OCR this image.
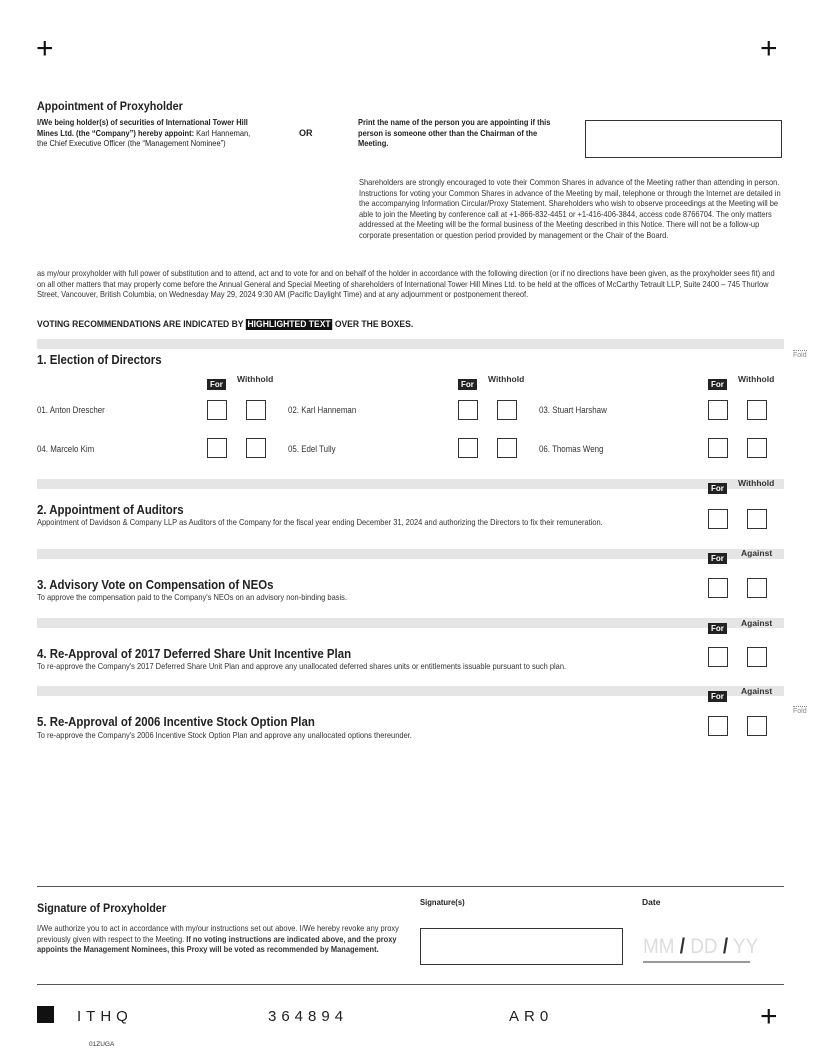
+	+
Appointment of Proxyholder
I/We being holder(s) of securities of International Tower Hill Mines Ltd. (the “Company”) hereby appoint: Karl Hanneman, the Chief Executive Officer (the “Management Nominee”)
OR
Print the name of the person you are appointing if this person is someone other than the Chairman of the Meeting.
Shareholders are strongly encouraged to vote their Common Shares in advance of the Meeting rather than attending in person. Instructions for voting your Common Shares in advance of the Meeting by mail, telephone or through the Internet are detailed in the accompanying Information Circular/Proxy Statement. Shareholders who wish to observe proceedings at the Meeting will be able to join the Meeting by conference call at +1-866-832-4451 or +1-416-406-3844, access code 8766704. The only matters addressed at the Meeting will be the formal business of the Meeting described in this Notice. There will not be a follow-up corporate presentation or question period provided by management or the Chair of the Board.
as my/our proxyholder with full power of substitution and to attend, act and to vote for and on behalf of the holder in accordance with the following direction (or if no directions have been given, as the proxyholder sees fit) and on all other matters that may properly come before the Annual General and Special Meeting of shareholders of International Tower Hill Mines Ltd. to be held at the offices of McCarthy Tetrault LLP, Suite 2400 – 745 Thurlow Street, Vancouver, British Columbia, on Wednesday May 29, 2024 9:30 AM (Pacific Daylight Time) and at any adjournment or postponement thereof.
VOTING RECOMMENDATIONS ARE INDICATED BY HIGHLIGHTED TEXT OVER THE BOXES.
Fold
1. Election of Directors
For
Withhold
For
Withhold
For
Withhold
01. Anton Drescher	02. Karl Hanneman	03. Stuart Harshaw
04. Marcelo Kim	05. Edel Tully	06. Thomas Weng
For
Withhold
2. Appointment of Auditors
Appointment of Davidson & Company LLP as Auditors of the Company for the fiscal year ending December 31, 2024 and authorizing the Directors to fix their remuneration.
For
Against
3. Advisory Vote on Compensation of NEOs
To approve the compensation paid to the Company's NEOs on an advisory non-binding basis.
For
Against
4. Re-Approval of 2017 Deferred Share Unit Incentive Plan
To re-approve the Company's 2017 Deferred Share Unit Plan and approve any unallocated deferred shares units or entitlements issuable pursuant to such plan.
For
Against
Fold
5. Re-Approval of 2006 Incentive Stock Option Plan
To re-approve the Company's 2006 Incentive Stock Option Plan and approve any unallocated options thereunder.
Signature of Proxyholder
I/We authorize you to act in accordance with my/our instructions set out above. I/We hereby revoke any proxy previously given with respect to the Meeting. If no voting instructions are indicated above, and the proxy appoints the Management Nominees, this Proxy will be voted as recommended by Management.
Signature(s)	Date
MM / DD / YY
ITHQ	364894	AR0	+
01ZUGA
